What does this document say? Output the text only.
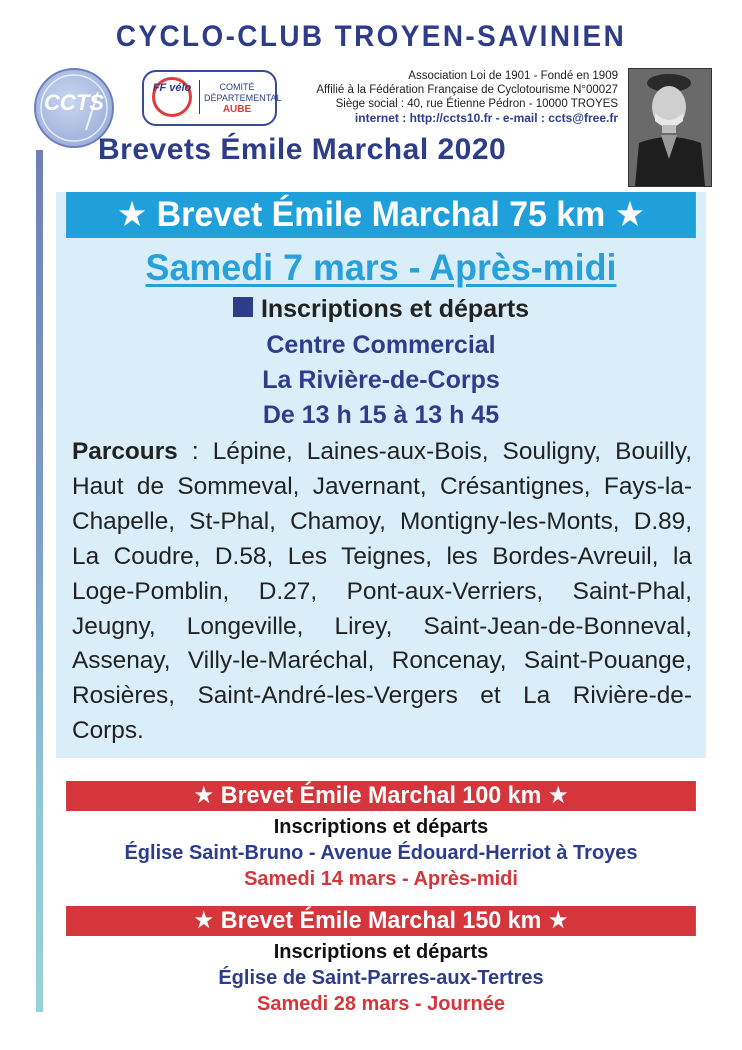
CYCLO-CLUB TROYEN-SAVINIEN
CCTS
FF vélo	COMITÉ DÉPARTEMENTAL
AUBE
Association Loi de 1901 - Fondé en 1909
Affilié à la Fédération Française de Cyclotourisme N°00027
Siège social : 40, rue Étienne Pédron - 10000 TROYES
internet : http://ccts10.fr - e-mail : ccts@free.fr
Brevets Émile Marchal 2020
★ Brevet Émile Marchal 75 km ★
Samedi 7 mars - Après-midi
Inscriptions et départs
Centre Commercial
La Rivière-de-Corps
De 13 h 15 à 13 h 45
Parcours : Lépine, Laines-aux-Bois, Souligny, Bouilly, Haut de Sommeval, Javernant, Crésantignes, Fays-la-Chapelle, St-Phal, Chamoy, Montigny-les-Monts, D.89, La Coudre, D.58, Les Teignes, les Bordes-Avreuil, la Loge-Pomblin, D.27, Pont-aux-Verriers, Saint-Phal, Jeugny, Longeville, Lirey, Saint-Jean-de-Bonneval, Assenay, Villy-le-Maréchal, Roncenay, Saint-Pouange, Rosières, Saint-André-les-Vergers et La Rivière-de-Corps.
★ Brevet Émile Marchal 100 km ★
Inscriptions et départs
Église Saint-Bruno - Avenue Édouard-Herriot à Troyes
Samedi 14 mars - Après-midi
★ Brevet Émile Marchal 150 km ★
Inscriptions et départs
Église de Saint-Parres-aux-Tertres
Samedi 28 mars - Journée
